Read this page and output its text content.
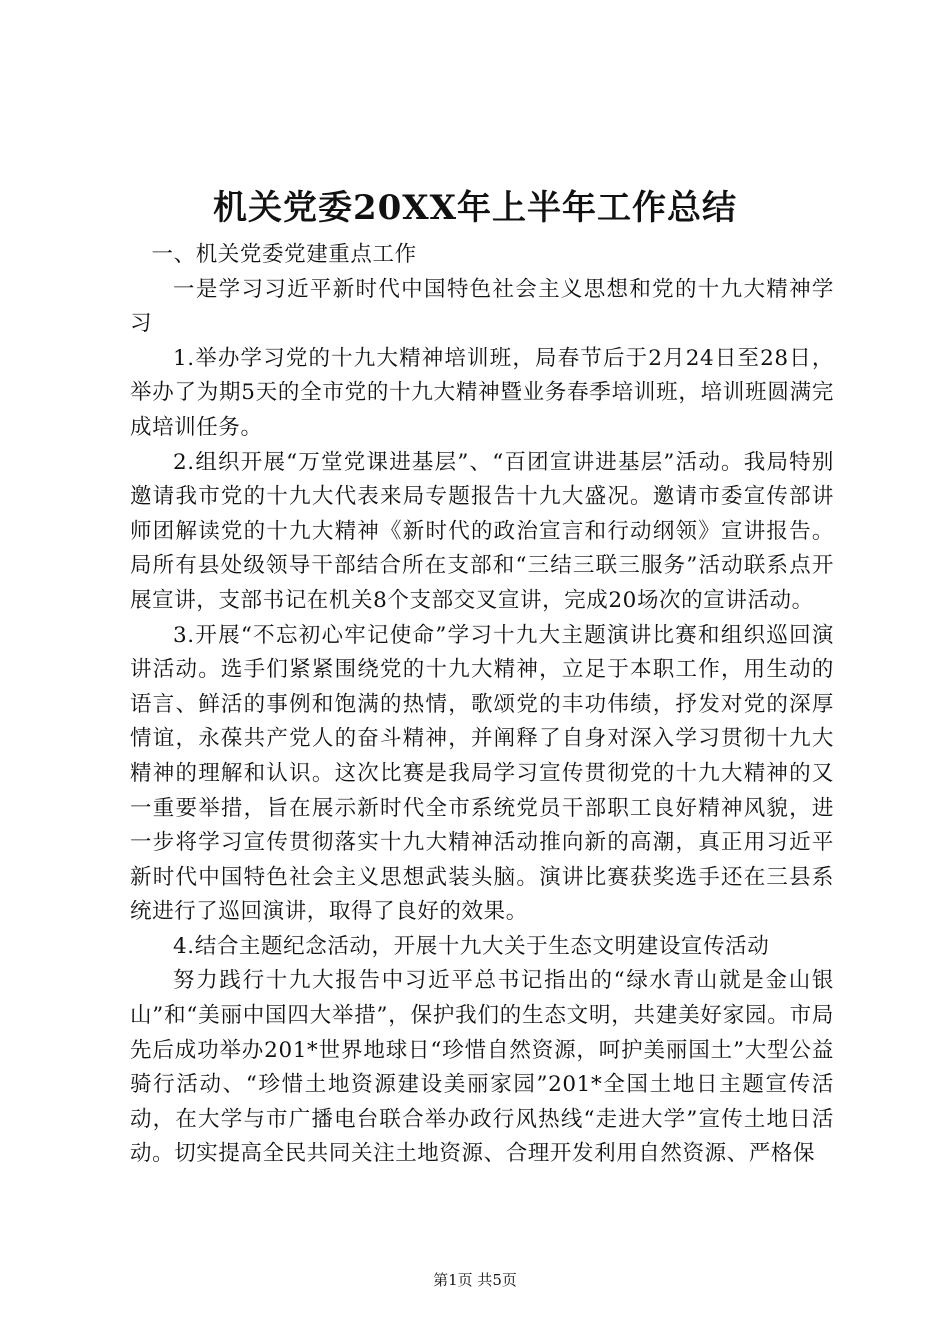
机关党委20XX年上半年工作总结

一、机关党委党建重点工作

一是学习习近平新时代中国特色社会主义思想和党的十九大精神学习

1.举办学习党的十九大精神培训班，局春节后于2月24日至28日，举办了为期5天的全市党的十九大精神暨业务春季培训班，培训班圆满完成培训任务。

2.组织开展“万堂党课进基层”、“百团宣讲进基层”活动。我局特别邀请我市党的十九大代表来局专题报告十九大盛况。邀请市委宣传部讲师团解读党的十九大精神《新时代的政治宣言和行动纲领》宣讲报告。局所有县处级领导干部结合所在支部和“三结三联三服务”活动联系点开展宣讲，支部书记在机关8个支部交叉宣讲，完成20场次的宣讲活动。

3.开展“不忘初心牢记使命”学习十九大主题演讲比赛和组织巡回演讲活动。选手们紧紧围绕党的十九大精神，立足于本职工作，用生动的语言、鲜活的事例和饱满的热情，歌颂党的丰功伟绩，抒发对党的深厚情谊，永葆共产党人的奋斗精神，并阐释了自身对深入学习贯彻十九大精神的理解和认识。这次比赛是我局学习宣传贯彻党的十九大精神的又一重要举措，旨在展示新时代全市系统党员干部职工良好精神风貌，进一步将学习宣传贯彻落实十九大精神活动推向新的高潮，真正用习近平新时代中国特色社会主义思想武装头脑。演讲比赛获奖选手还在三县系统进行了巡回演讲，取得了良好的效果。

4.结合主题纪念活动，开展十九大关于生态文明建设宣传活动

努力践行十九大报告中习近平总书记指出的“绿水青山就是金山银山”和“美丽中国四大举措”，保护我们的生态文明，共建美好家园。市局先后成功举办201*世界地球日“珍惜自然资源，呵护美丽国土”大型公益骑行活动、“珍惜土地资源建设美丽家园”201*全国土地日主题宣传活动，在大学与市广播电台联合举办政行风热线“走进大学”宣传土地日活动。切实提高全民共同关注土地资源、合理开发利用自然资源、严格保

第1页 共5页
